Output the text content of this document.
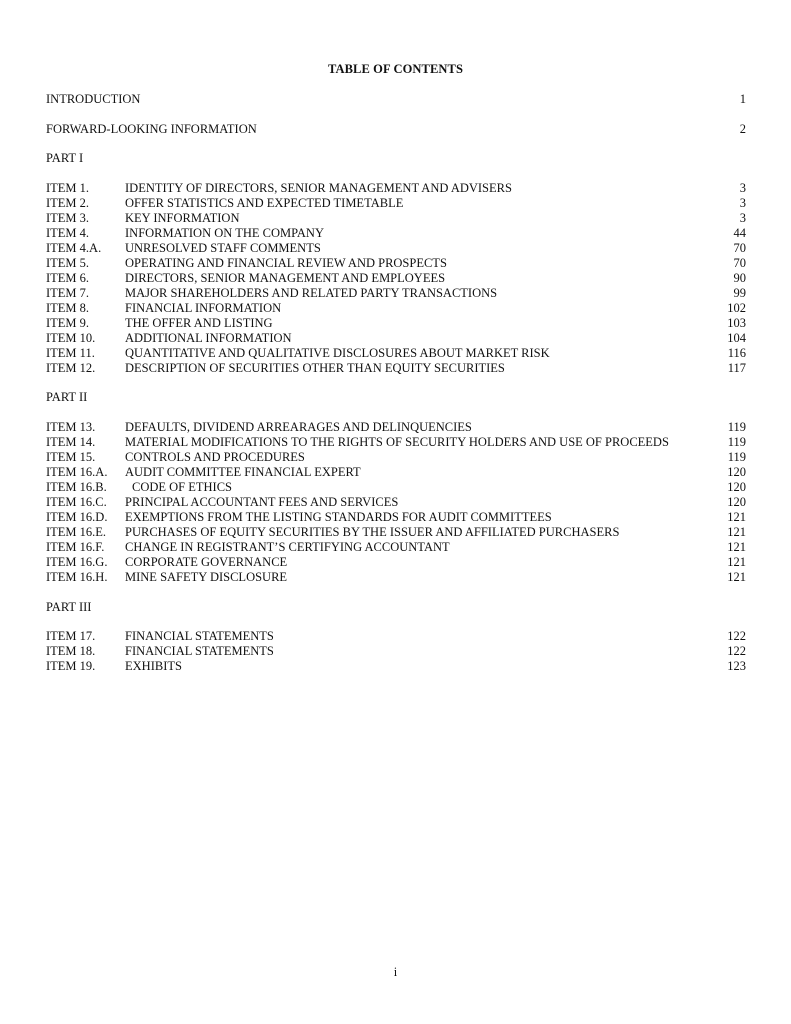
TABLE OF CONTENTS
INTRODUCTION	1
FORWARD-LOOKING INFORMATION	2
PART I
ITEM 1.	IDENTITY OF DIRECTORS, SENIOR MANAGEMENT AND ADVISERS	3
ITEM 2.	OFFER STATISTICS AND EXPECTED TIMETABLE	3
ITEM 3.	KEY INFORMATION	3
ITEM 4.	INFORMATION ON THE COMPANY	44
ITEM 4.A. UNRESOLVED STAFF COMMENTS	70
ITEM 5.	OPERATING AND FINANCIAL REVIEW AND PROSPECTS	70
ITEM 6.	DIRECTORS, SENIOR MANAGEMENT AND EMPLOYEES	90
ITEM 7.	MAJOR SHAREHOLDERS AND RELATED PARTY TRANSACTIONS	99
ITEM 8.	FINANCIAL INFORMATION	102
ITEM 9.	THE OFFER AND LISTING	103
ITEM 10. ADDITIONAL INFORMATION	104
ITEM 11. QUANTITATIVE AND QUALITATIVE DISCLOSURES ABOUT MARKET RISK	116
ITEM 12. DESCRIPTION OF SECURITIES OTHER THAN EQUITY SECURITIES	117
PART II
ITEM 13. DEFAULTS, DIVIDEND ARREARAGES AND DELINQUENCIES	119
ITEM 14. MATERIAL MODIFICATIONS TO THE RIGHTS OF SECURITY HOLDERS AND USE OF PROCEEDS	119
ITEM 15. CONTROLS AND PROCEDURES	119
ITEM 16.A. AUDIT COMMITTEE FINANCIAL EXPERT	120
ITEM 16.B. CODE OF ETHICS	120
ITEM 16.C. PRINCIPAL ACCOUNTANT FEES AND SERVICES	120
ITEM 16.D. EXEMPTIONS FROM THE LISTING STANDARDS FOR AUDIT COMMITTEES	121
ITEM 16.E. PURCHASES OF EQUITY SECURITIES BY THE ISSUER AND AFFILIATED PURCHASERS	121
ITEM 16.F. CHANGE IN REGISTRANT’S CERTIFYING ACCOUNTANT	121
ITEM 16.G. CORPORATE GOVERNANCE	121
ITEM 16.H. MINE SAFETY DISCLOSURE	121
PART III
ITEM 17. FINANCIAL STATEMENTS	122
ITEM 18. FINANCIAL STATEMENTS	122
ITEM 19. EXHIBITS	123
i
